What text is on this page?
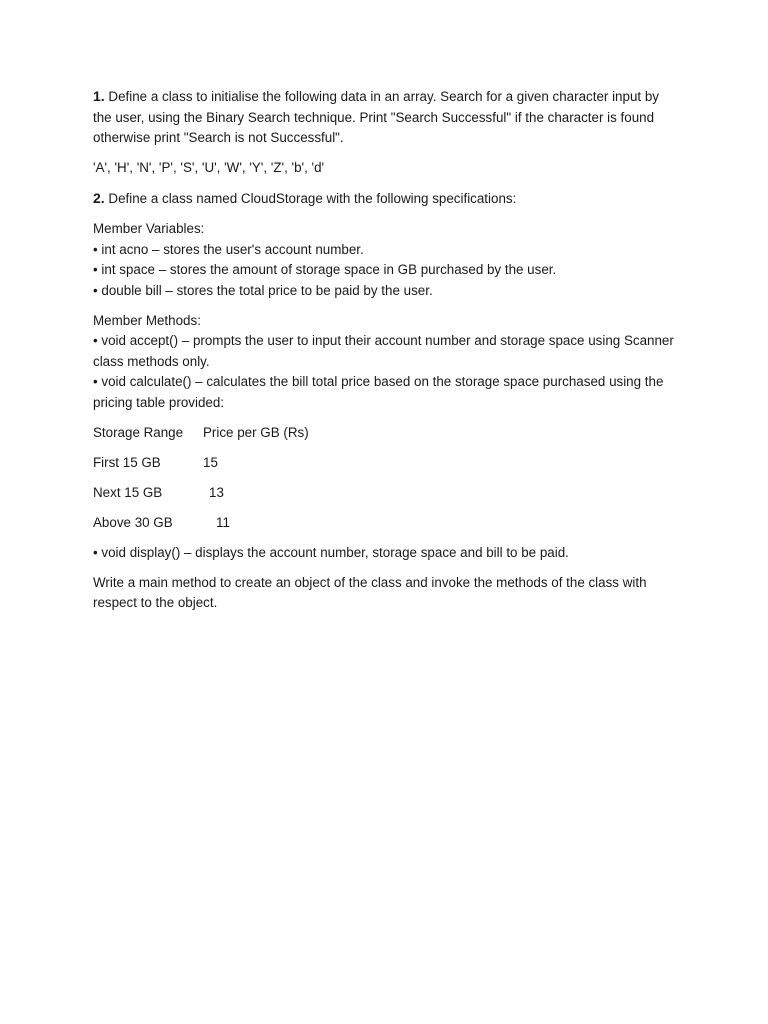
1. Define a class to initialise the following data in an array. Search for a given character input by the user, using the Binary Search technique. Print "Search Successful" if the character is found otherwise print "Search is not Successful".

'A', 'H', 'N', 'P', 'S', 'U', 'W', 'Y', 'Z', 'b', 'd'

2. Define a class named CloudStorage with the following specifications:

Member Variables:

• int acno – stores the user's account number.

• int space – stores the amount of storage space in GB purchased by the user.

• double bill – stores the total price to be paid by the user.

Member Methods:

• void accept() – prompts the user to input their account number and storage space using Scanner class methods only.

• void calculate() – calculates the bill total price based on the storage space purchased using the pricing table provided:

Storage Range	Price per GB (Rs)
First 15 GB	15
Next 15 GB	13
Above 30 GB	11

• void display() – displays the account number, storage space and bill to be paid.

Write a main method to create an object of the class and invoke the methods of the class with respect to the object.
